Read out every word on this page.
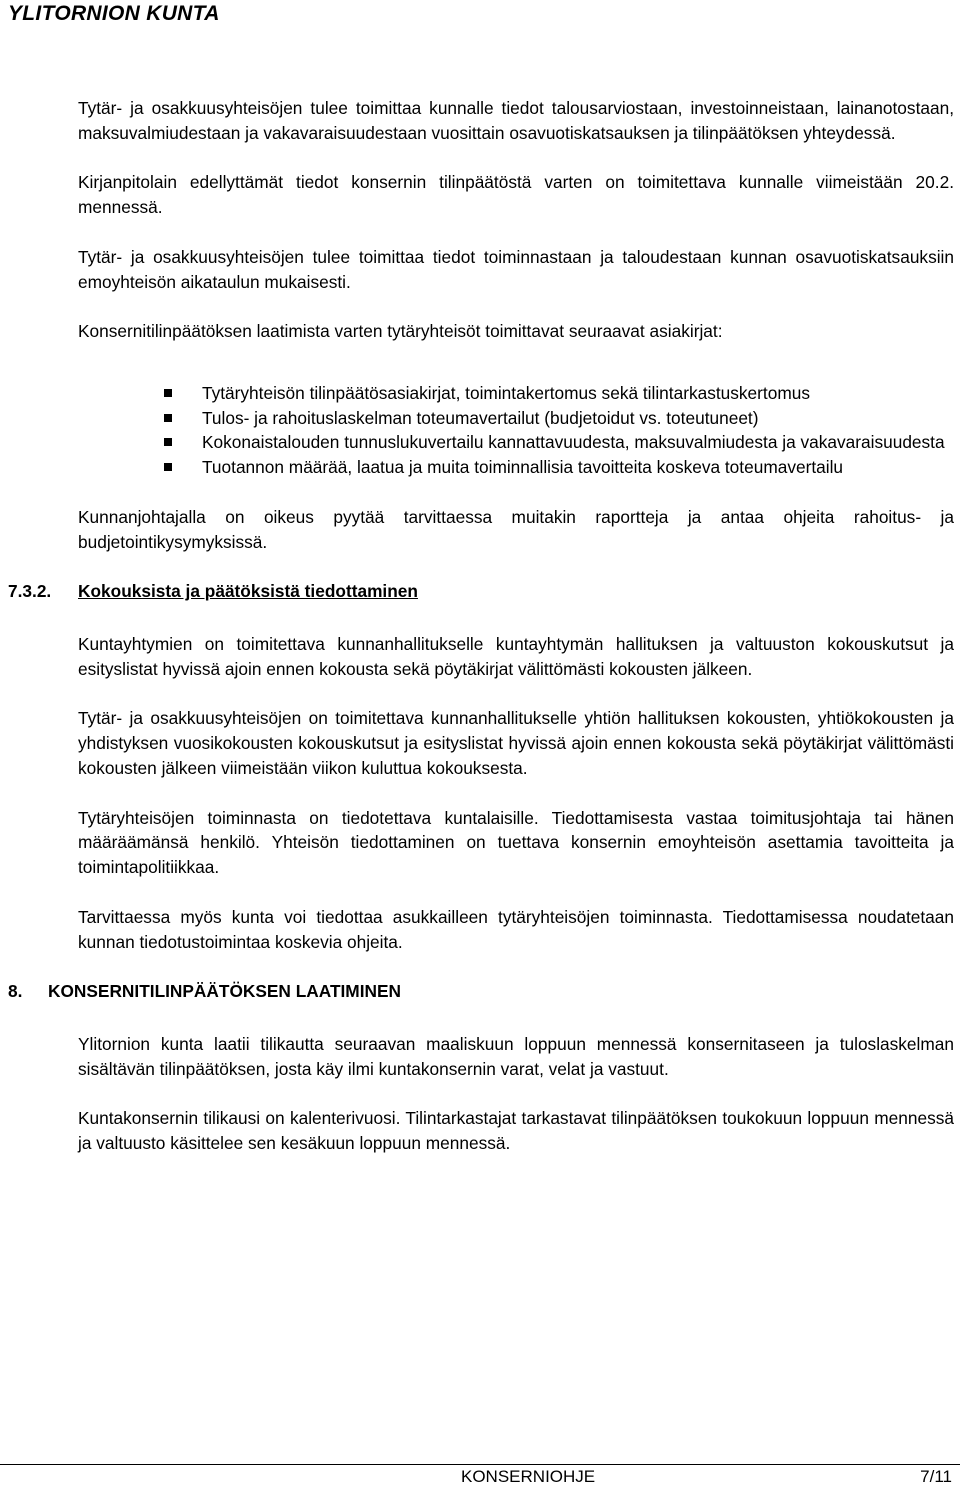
YLITORNION KUNTA

Tytär- ja osakkuusyhteisöjen tulee toimittaa kunnalle tiedot talousarviostaan, investoinneistaan, lainanotostaan, maksuvalmiudestaan ja vakavaraisuudestaan vuosittain osavuotiskatsauksen ja tilinpäätöksen yhteydessä.

Kirjanpitolain edellyttämät tiedot konsernin tilinpäätöstä varten on toimitettava kunnalle viimeistään 20.2. mennessä.

Tytär- ja osakkuusyhteisöjen tulee toimittaa tiedot toiminnastaan ja taloudestaan kunnan osavuotiskatsauksiin emoyhteisön aikataulun mukaisesti.

Konsernitilinpäätöksen laatimista varten tytäryhteisöt toimittavat seuraavat asiakirjat:

Tytäryhteisön tilinpäätösasiakirjat, toimintakertomus sekä tilintarkastuskertomus
Tulos- ja rahoituslaskelman toteumavertailut (budjetoidut vs. toteutuneet)
Kokonaistalouden tunnuslukuvertailu kannattavuudesta, maksuvalmiudesta ja vakavaraisuudesta
Tuotannon määrää, laatua ja muita toiminnallisia tavoitteita koskeva toteumavertailu

Kunnanjohtajalla on oikeus pyytää tarvittaessa muitakin raportteja ja antaa ohjeita rahoitus- ja budjetointikysymyksissä.

7.3.2. Kokouksista ja päätöksistä tiedottaminen

Kuntayhtymien on toimitettava kunnanhallitukselle kuntayhtymän hallituksen ja valtuuston kokouskutsut ja esityslistat hyvissä ajoin ennen kokousta sekä pöytäkirjat välittömästi kokousten jälkeen.

Tytär- ja osakkuusyhteisöjen on toimitettava kunnanhallitukselle yhtiön hallituksen kokousten, yhtiökokousten ja yhdistyksen vuosikokousten kokouskutsut ja esityslistat hyvissä ajoin ennen kokousta sekä pöytäkirjat välittömästi kokousten jälkeen viimeistään viikon kuluttua kokouksesta.

Tytäryhteisöjen toiminnasta on tiedotettava kuntalaisille. Tiedottamisesta vastaa toimitusjohtaja tai hänen määräämänsä henkilö. Yhteisön tiedottaminen on tuettava konsernin emoyhteisön asettamia tavoitteita ja toimintapolitiikkaa.

Tarvittaessa myös kunta voi tiedottaa asukkailleen tytäryhteisöjen toiminnasta. Tiedottamisessa noudatetaan kunnan tiedotustoimintaa koskevia ohjeita.

8. KONSERNITILINPÄÄTÖKSEN LAATIMINEN

Ylitornion kunta laatii tilikautta seuraavan maaliskuun loppuun mennessä konsernitaseen ja tuloslaskelman sisältävän tilinpäätöksen, josta käy ilmi kuntakonsernin varat, velat ja vastuut.

Kuntakonsernin tilikausi on kalenterivuosi. Tilintarkastajat tarkastavat tilinpäätöksen toukokuun loppuun mennessä ja valtuusto käsittelee sen kesäkuun loppuun mennessä.

KONSERNIOHJE	7/11
